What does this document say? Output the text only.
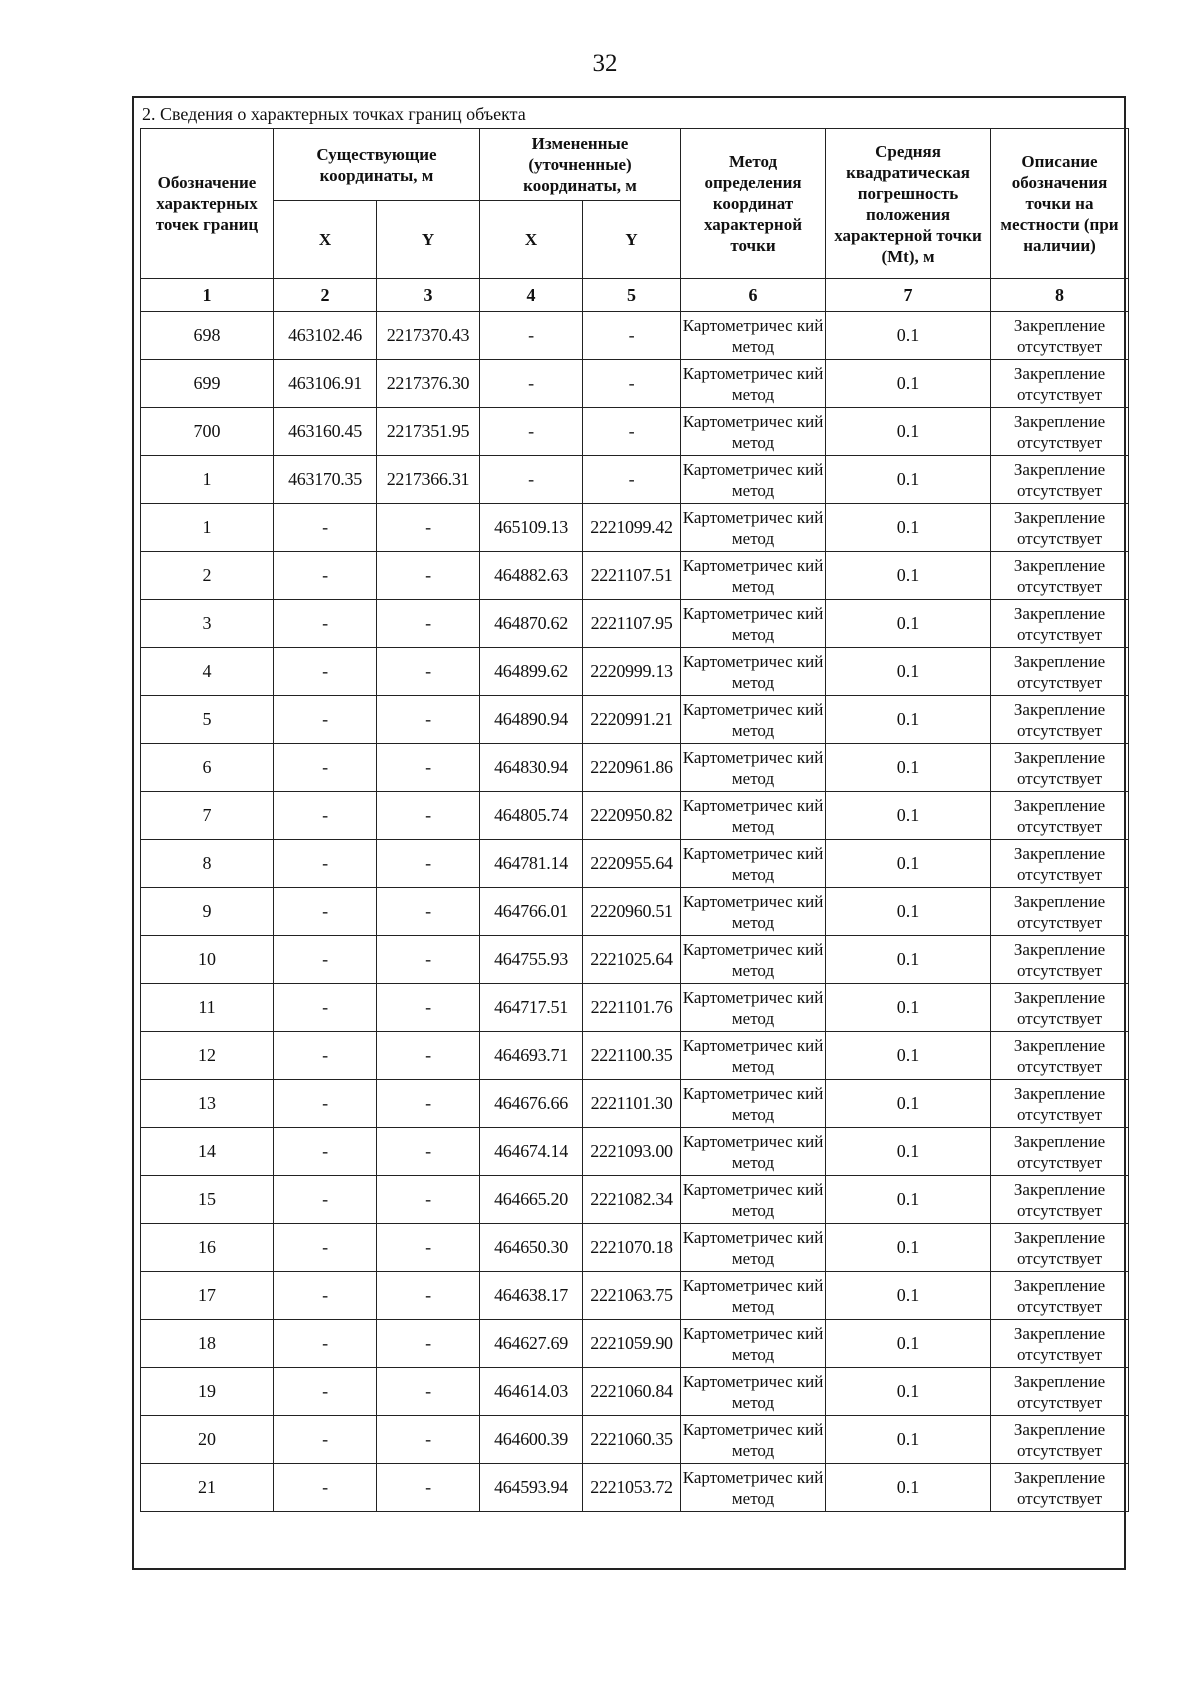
32
2. Сведения о характерных точках границ объекта
Обозначение характерных точек границ	Существующие координаты, м		Измененные (уточненные) координаты, м		Метод определения координат характерной точки	Средняя квадратическая погрешность положения характерной точки (Mt), м	Описание обозначения точки на местности (при наличии)
	X	Y	X	Y			
1	2	3	4	5	6	7	8
698	463102.46	2217370.43	-	-	Картометричес кий метод	0.1	Закрепление отсутствует
699	463106.91	2217376.30	-	-	Картометричес кий метод	0.1	Закрепление отсутствует
700	463160.45	2217351.95	-	-	Картометричес кий метод	0.1	Закрепление отсутствует
1	463170.35	2217366.31	-	-	Картометричес кий метод	0.1	Закрепление отсутствует
1	-	-	465109.13	2221099.42	Картометричес кий метод	0.1	Закрепление отсутствует
2	-	-	464882.63	2221107.51	Картометричес кий метод	0.1	Закрепление отсутствует
3	-	-	464870.62	2221107.95	Картометричес кий метод	0.1	Закрепление отсутствует
4	-	-	464899.62	2220999.13	Картометричес кий метод	0.1	Закрепление отсутствует
5	-	-	464890.94	2220991.21	Картометричес кий метод	0.1	Закрепление отсутствует
6	-	-	464830.94	2220961.86	Картометричес кий метод	0.1	Закрепление отсутствует
7	-	-	464805.74	2220950.82	Картометричес кий метод	0.1	Закрепление отсутствует
8	-	-	464781.14	2220955.64	Картометричес кий метод	0.1	Закрепление отсутствует
9	-	-	464766.01	2220960.51	Картометричес кий метод	0.1	Закрепление отсутствует
10	-	-	464755.93	2221025.64	Картометричес кий метод	0.1	Закрепление отсутствует
11	-	-	464717.51	2221101.76	Картометричес кий метод	0.1	Закрепление отсутствует
12	-	-	464693.71	2221100.35	Картометричес кий метод	0.1	Закрепление отсутствует
13	-	-	464676.66	2221101.30	Картометричес кий метод	0.1	Закрепление отсутствует
14	-	-	464674.14	2221093.00	Картометричес кий метод	0.1	Закрепление отсутствует
15	-	-	464665.20	2221082.34	Картометричес кий метод	0.1	Закрепление отсутствует
16	-	-	464650.30	2221070.18	Картометричес кий метод	0.1	Закрепление отсутствует
17	-	-	464638.17	2221063.75	Картометричес кий метод	0.1	Закрепление отсутствует
18	-	-	464627.69	2221059.90	Картометричес кий метод	0.1	Закрепление отсутствует
19	-	-	464614.03	2221060.84	Картометричес кий метод	0.1	Закрепление отсутствует
20	-	-	464600.39	2221060.35	Картометричес кий метод	0.1	Закрепление отсутствует
21	-	-	464593.94	2221053.72	Картометричес кий метод	0.1	Закрепление отсутствует
